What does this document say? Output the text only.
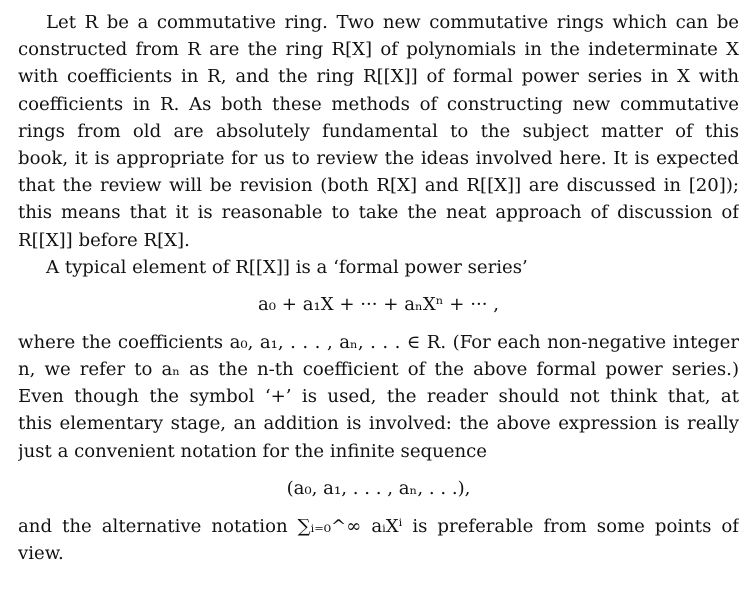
Let R be a commutative ring. Two new commutative rings which can be
constructed from R are the ring R[X] of polynomials in the indeterminate X
with coefficients in R, and the ring R[[X]] of formal power series in X with
coefficients in R. As both these methods of constructing new commutative
rings from old are absolutely fundamental to the subject matter of this
book, it is appropriate for us to review the ideas involved here. It is expected
that the review will be revision (both R[X] and R[[X]] are discussed in [20]);
this means that it is reasonable to take the neat approach of discussion of
R[[X]] before R[X].
A typical element of R[[X]] is a ‘formal power series’
a₀ + a₁X + ··· + aₙXⁿ + ··· ,
where the coefficients a₀, a₁, . . . , aₙ, . . . ∈ R. (For each non-negative integer
n, we refer to aₙ as the n-th coefficient of the above formal power series.)
Even though the symbol ‘+’ is used, the reader should not think that, at
this elementary stage, an addition is involved: the above expression is really
just a convenient notation for the infinite sequence
(a₀, a₁, . . . , aₙ, . . .),
and the alternative notation ∑ᵢ₌₀^∞ aᵢXⁱ is preferable from some points of
view.
